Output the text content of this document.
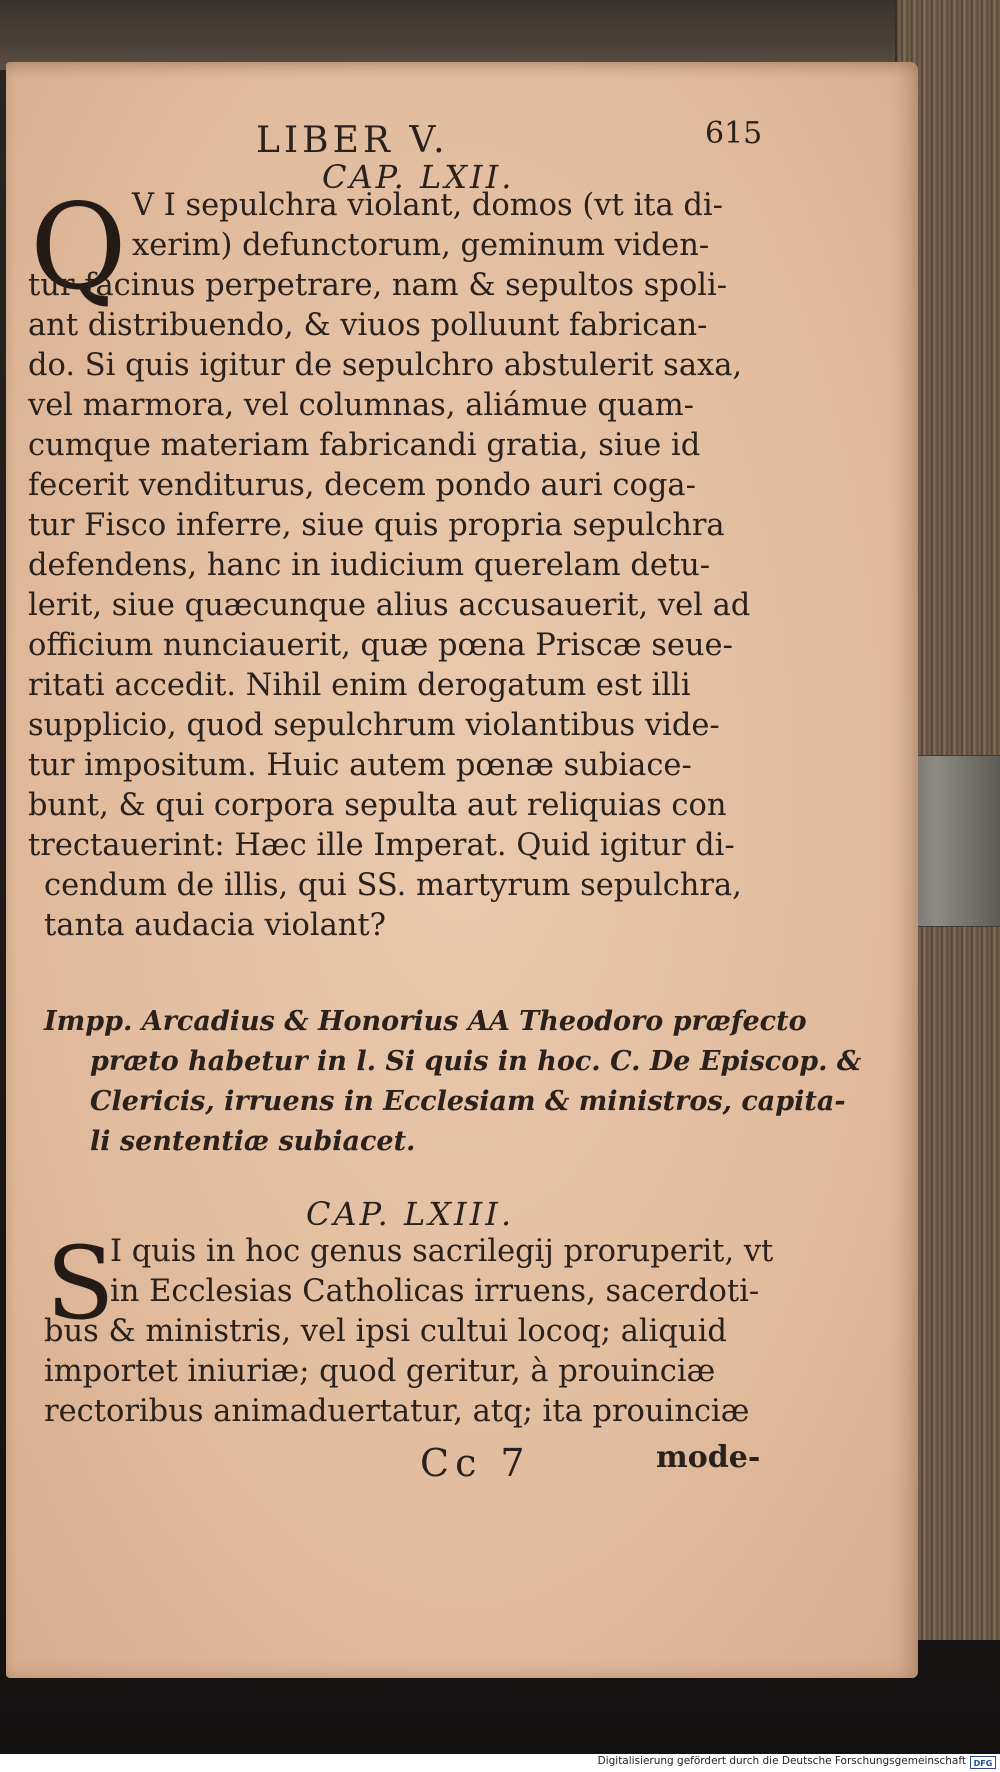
LIBER V.	615

CAP. LXII.

Q V I sepulchra violant, domos (vt ita di-

xerim) defunctorum, geminum viden-

tur facinus perpetrare, nam & sepultos spoli-

ant distribuendo, & viuos polluunt fabrican-

do. Si quis igitur de sepulchro abstulerit saxa,

vel marmora, vel columnas, aliámue quam-

cumque materiam fabricandi gratia, siue id

fecerit venditurus, decem pondo auri coga-

tur Fisco inferre, siue quis propria sepulchra

defendens, hanc in iudicium querelam detu-

lerit, siue quæcunque alius accusauerit, vel ad

officium nunciauerit, quæ pœna Priscæ seue-

ritati accedit. Nihil enim derogatum est illi

supplicio, quod sepulchrum violantibus vide-

tur impositum. Huic autem pœnæ subiace-

bunt, & qui corpora sepulta aut reliquias con

trectauerint: Hæc ille Imperat. Quid igitur di-

cendum de illis, qui SS. martyrum sepulchra,

tanta audacia violant?

Impp. Arcadius & Honorius AA Theodoro præfecto

præto habetur in l. Si quis in hoc. C. De Episcop. &

Clericis, irruens in Ecclesiam & ministros, capita-

li sententiæ subiacet.

CAP. LXIII.

S

I quis in hoc genus sacrilegij proruperit, vt

in Ecclesias Catholicas irruens, sacerdoti-

bus & ministris, vel ipsi cultui locoq; aliquid

importet iniuriæ; quod geritur, à prouinciæ

rectoribus animaduertatur, atq; ita prouinciæ

Cc 7	mode-

Digitalisierung gefördert durch die Deutsche Forschungsgemeinschaft DFG
